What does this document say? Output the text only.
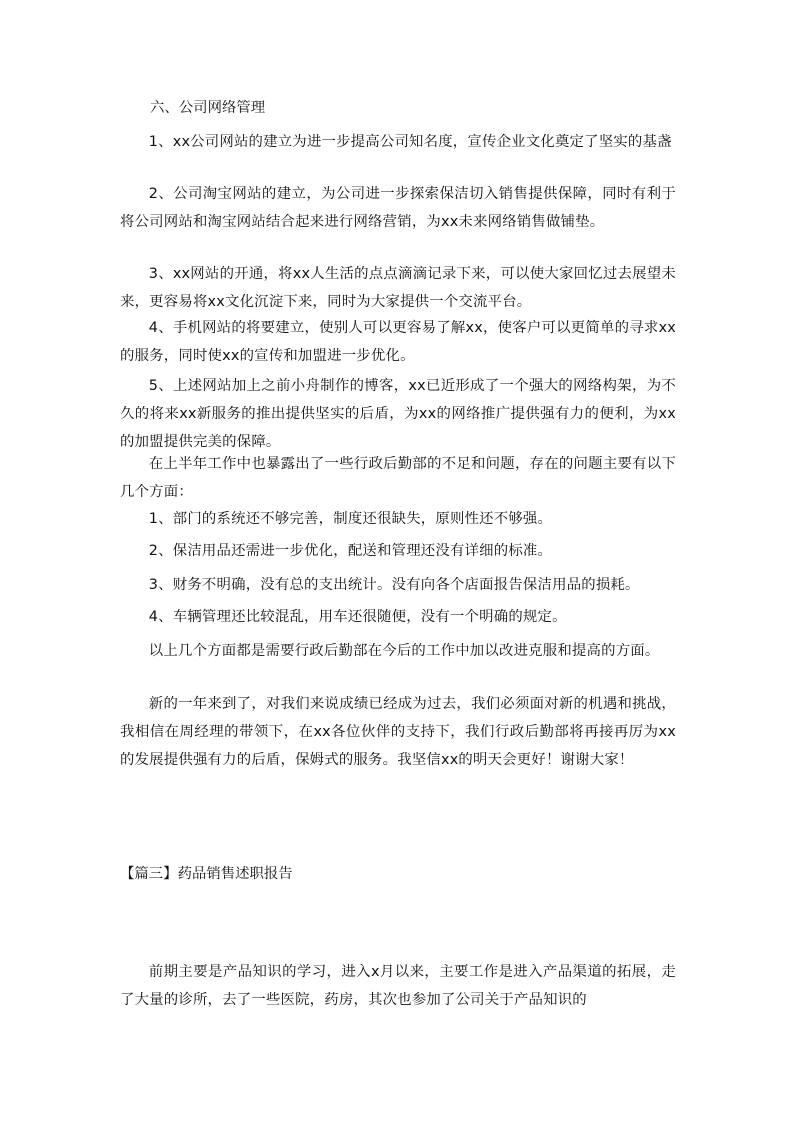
六、公司网络管理

1、xx公司网站的建立为进一步提高公司知名度，宣传企业文化奠定了坚实的基盏

2、公司淘宝网站的建立，为公司进一步探索保洁切入销售提供保障，同时有利于将公司网站和淘宝网站结合起来进行网络营销，为xx未来网络销售做铺垫。

3、xx网站的开通，将xx人生活的点点滴滴记录下来，可以使大家回忆过去展望未来，更容易将xx文化沉淀下来，同时为大家提供一个交流平台。

4、手机网站的将要建立，使别人可以更容易了解xx，使客户可以更简单的寻求xx的服务，同时使xx的宣传和加盟进一步优化。

5、上述网站加上之前小舟制作的博客，xx已近形成了一个强大的网络构架，为不久的将来xx新服务的推出提供坚实的后盾，为xx的网络推广提供强有力的便利，为xx的加盟提供完美的保障。

在上半年工作中也暴露出了一些行政后勤部的不足和问题，存在的问题主要有以下几个方面：

1、部门的系统还不够完善，制度还很缺失，原则性还不够强。

2、保洁用品还需进一步优化，配送和管理还没有详细的标准。

3、财务不明确，没有总的支出统计。没有向各个店面报告保洁用品的损耗。

4、车辆管理还比较混乱，用车还很随便，没有一个明确的规定。

以上几个方面都是需要行政后勤部在今后的工作中加以改进克服和提高的方面。

新的一年来到了，对我们来说成绩已经成为过去，我们必须面对新的机遇和挑战，我相信在周经理的带领下，在xx各位伙伴的支持下，我们行政后勤部将再接再厉为xx的发展提供强有力的后盾，保姆式的服务。我坚信xx的明天会更好！谢谢大家！

【篇三】药品销售述职报告

前期主要是产品知识的学习，进入x月以来，主要工作是进入产品渠道的拓展，走了大量的诊所，去了一些医院，药房，其次也参加了公司关于产品知识的
